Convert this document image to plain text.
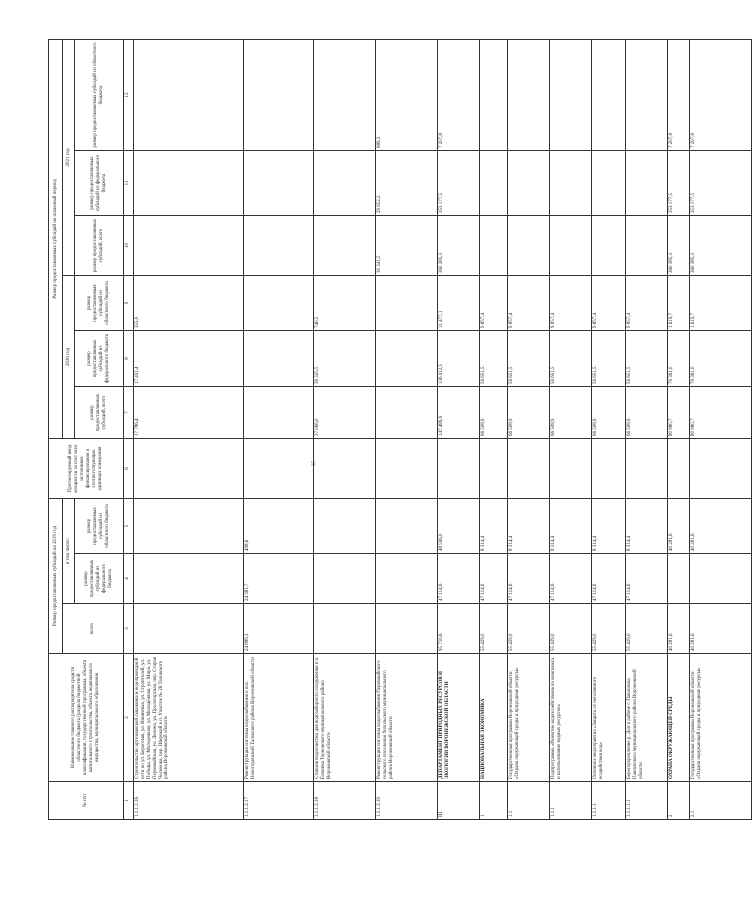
35
№ п/п	Наименование главного распорядителя средств областного бюджета (раздела бюджетной классификации, государственной программы, объекта капитального строительства, объекта недвижимого имущества, муниципального образования	Размер предоставляемых субсидий на 2019 год			Прогнозируемый ввод мощности за счет всех источников финансирования в соответствующих единицах измерения	Размер предоставляемых субсидий на плановый период					
		всего	в том числе:			2020 год			2021 год		
			размер предоставляемых субсидий из федерального бюджета	размер предоставляемых субсидий из областного бюджета		размер предоставляемых субсидий, всего	размер предоставляемых субсидий из федерального бюджета	размер предоставляемых субсидий из областного бюджета	размер предоставляемых субсидий, всего	размер предоставляемых субсидий из федерального бюджета	размер предоставляемых субсидий из областного бюджета

1	2	3	4	5	6	7	8	9	10	11	12
1.1.1.2.16	Строительство артезианской скважины и водопроводной сети по ул. Береговая, ул. Вишневая, ул. Строителей, ул. Победы, ул. Молодежная, ул. Молодёжная, ул. Мира, ул. Первомайская, ул. Ленина, ул. Пролетарская, пер. Старая Чесменка, пер. Широкий в п. Участок № 26 Таловского района Воронежской области					17 786,4	17 431,4	355,0			
1.1.1.2.17	Реконструкция системы водоснабжения в пос. Новогоренский Таловского района Воронежской области	24 889,3	24 381,7	498,6							
1.1.1.2.18	Станция водоочистки для водозаборного сооружения в п. Ёлкинка Терновского муниципального района Воронежской области					37 066,0	36 325,5	740,5			
1.1.1.2.19	Реконструкция системы водоснабжения Первомайского сельского поселения Хохольского муниципального района Воронежской области								30 341,5	29 652,2	689,3
III	ДЕПАРТАМЕНТ ПРИРОДНЫХ РЕСУРСОВ И ЭКОЛОГИИ ВОРОНЕЖСКОЙ ОБЛАСТИ	95 710,6	47 114,6	48 596,0		147 489,6	136 012,5	11 477,1	360 385,3	353 177,5	7 207,8
1	НАЦИОНАЛЬНАЯ ЭКОНОМИКА	55 429,0	47 114,6	8 314,4		66 508,9	56 651,5	9 857,4			
1.1	Государственная программа Воронежской области «Охрана окружающей среды и природные ресурсы»	55 429,0	47 114,6	8 314,4		66 508,9	56 651,5	9 857,4			
1.1.1	Подпрограмма «Развитие водохозяйственного комплекса и использование водных ресурсов»	55 429,0	47 114,6	8 314,4		66 508,9	56 651,5	9 857,4			
1.1.1.1	Основное мероприятие «Защита от негативного воздействия вод»	55 429,0	47 114,6	8 314,4		66 508,9	56 651,5	9 857,4			
1.1.1.1.1	Берегоукрепление р. Дон в районе г. Павловска Павловского муниципального района Воронежской области	55 429,0	47 114,6	8 314,4		66 508,9	56 651,5	9 857,4			
2	ОХРАНА ОКРУЖАЮЩЕЙ СРЕДЫ	40 281,6		40 281,6		80 980,7	79 361,0	1 619,7	360 385,3	353 177,5	7 207,8
2.1	Государственная программа Воронежской области «Охрана окружающей среды и природные ресурсы»	40 281,6		40 281,6		80 980,7	79 361,0	1 619,7	360 385,3	353 177,5	7 207,8
